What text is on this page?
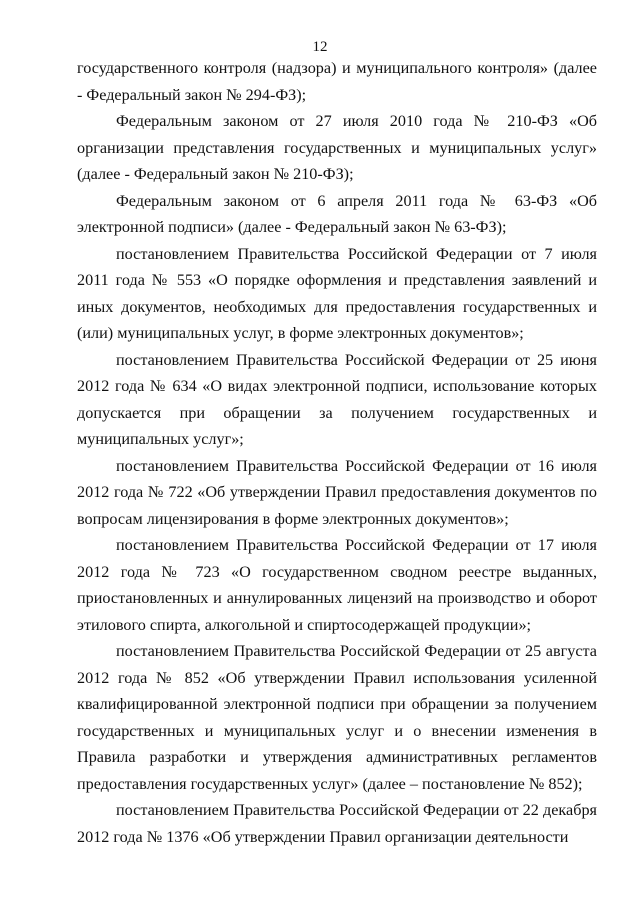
12

государственного контроля (надзора) и муниципального контроля» (далее - Федеральный закон № 294-ФЗ);

Федеральным законом от 27 июля 2010 года № 210-ФЗ «Об организации представления государственных и муниципальных услуг» (далее - Федеральный закон № 210-ФЗ);

Федеральным законом от 6 апреля 2011 года № 63-ФЗ «Об электронной подписи» (далее - Федеральный закон № 63-ФЗ);

постановлением Правительства Российской Федерации от 7 июля 2011 года № 553 «О порядке оформления и представления заявлений и иных документов, необходимых для предоставления государственных и (или) муниципальных услуг, в форме электронных документов»;

постановлением Правительства Российской Федерации от 25 июня 2012 года № 634 «О видах электронной подписи, использование которых допускается при обращении за получением государственных и муниципальных услуг»;

постановлением Правительства Российской Федерации от 16 июля 2012 года № 722 «Об утверждении Правил предоставления документов по вопросам лицензирования в форме электронных документов»;

постановлением Правительства Российской Федерации от 17 июля 2012 года № 723 «О государственном сводном реестре выданных, приостановленных и аннулированных лицензий на производство и оборот этилового спирта, алкогольной и спиртосодержащей продукции»;

постановлением Правительства Российской Федерации от 25 августа 2012 года № 852 «Об утверждении Правил использования усиленной квалифицированной электронной подписи при обращении за получением государственных и муниципальных услуг и о внесении изменения в Правила разработки и утверждения административных регламентов предоставления государственных услуг» (далее – постановление № 852);

постановлением Правительства Российской Федерации от 22 декабря 2012 года № 1376 «Об утверждении Правил организации деятельности
